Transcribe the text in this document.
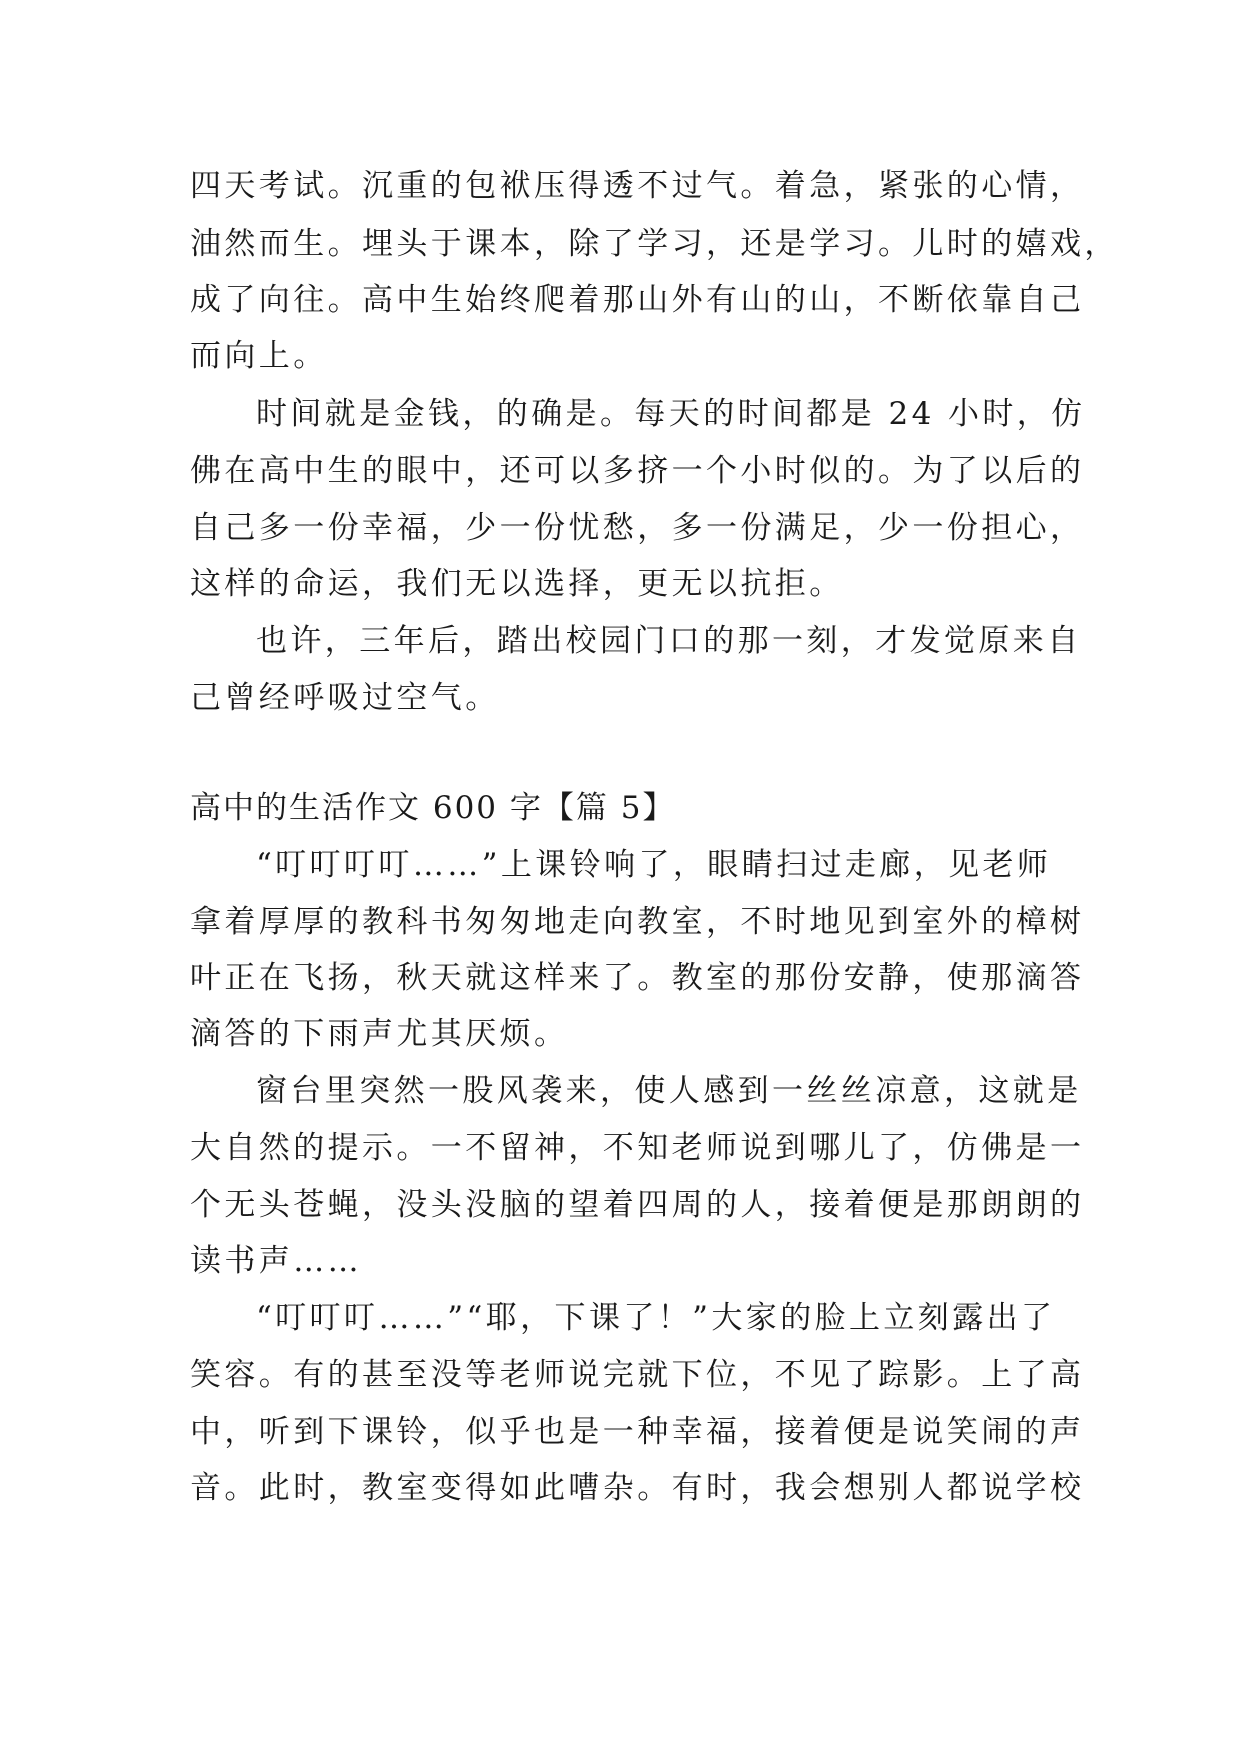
四天考试。沉重的包袱压得透不过气。着急，紧张的心情，

油然而生。埋头于课本，除了学习，还是学习。儿时的嬉戏，

成了向往。高中生始终爬着那山外有山的山，不断依靠自己

而向上。

时间就是金钱，的确是。每天的时间都是 24 小时，仿

佛在高中生的眼中，还可以多挤一个小时似的。为了以后的

自己多一份幸福，少一份忧愁，多一份满足，少一份担心，

这样的命运，我们无以选择，更无以抗拒。

也许，三年后，踏出校园门口的那一刻，才发觉原来自

己曾经呼吸过空气。

高中的生活作文 600 字【篇 5】

“叮叮叮叮……”上课铃响了，眼睛扫过走廊，见老师

拿着厚厚的教科书匆匆地走向教室，不时地见到室外的樟树

叶正在飞扬，秋天就这样来了。教室的那份安静，使那滴答

滴答的下雨声尤其厌烦。

窗台里突然一股风袭来，使人感到一丝丝凉意，这就是

大自然的提示。一不留神，不知老师说到哪儿了，仿佛是一

个无头苍蝇，没头没脑的望着四周的人，接着便是那朗朗的

读书声……

“叮叮叮……”“耶，下课了！”大家的脸上立刻露出了

笑容。有的甚至没等老师说完就下位，不见了踪影。上了高

中，听到下课铃，似乎也是一种幸福，接着便是说笑闹的声

音。此时，教室变得如此嘈杂。有时，我会想别人都说学校
